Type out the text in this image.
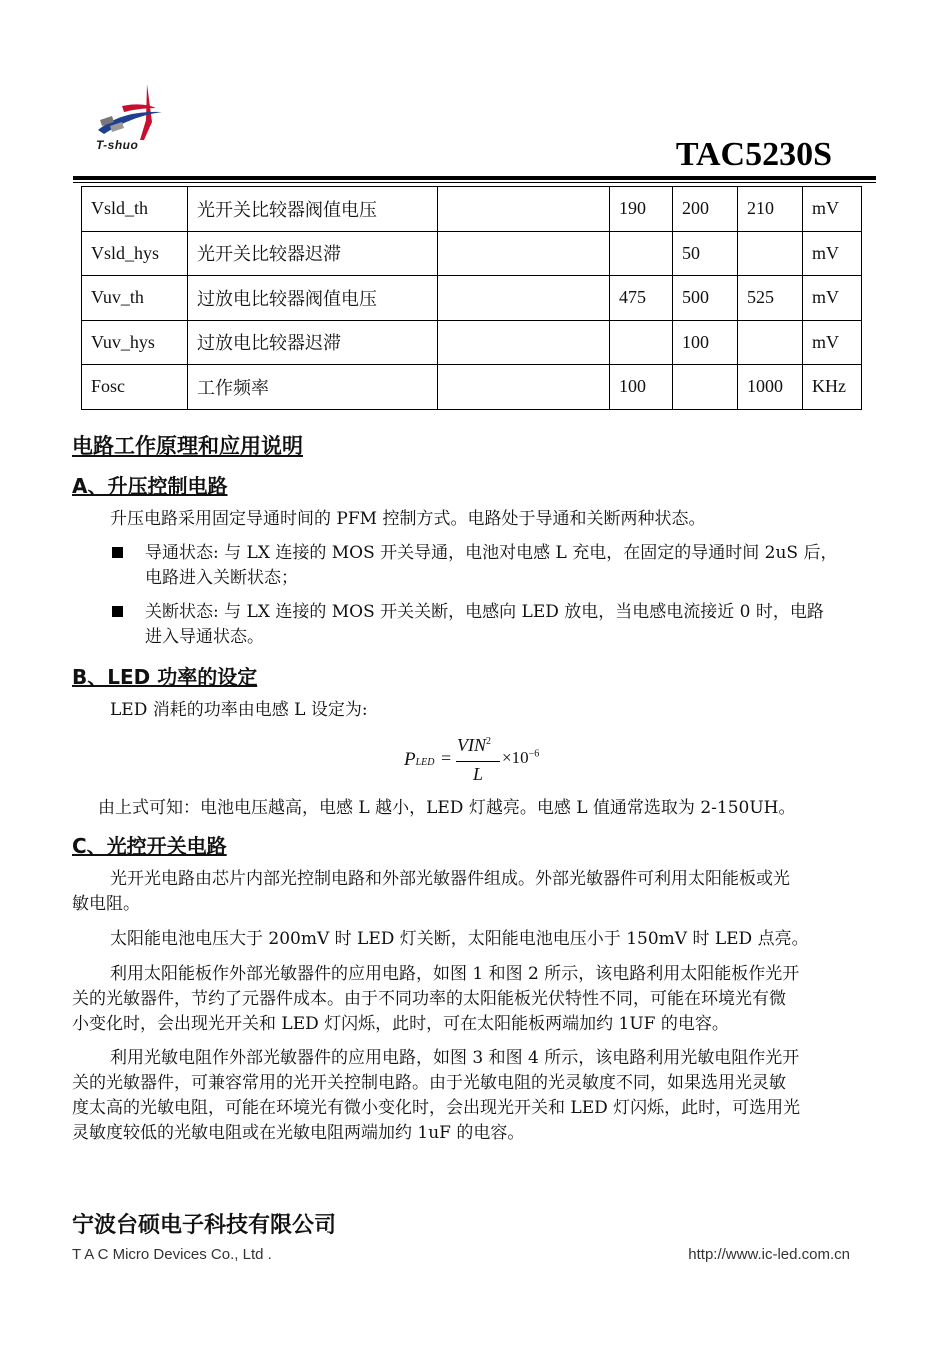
T-shuo	TAC5230S
Vsld_th	光开关比较器阀值电压		190	200	210	mV
Vsld_hys	光开关比较器迟滞			50		mV
Vuv_th	过放电比较器阀值电压		475	500	525	mV
Vuv_hys	过放电比较器迟滞			100		mV
Fosc	工作频率		100		1000	KHz
电路工作原理和应用说明
A、升压控制电路
升压电路采用固定导通时间的 PFM 控制方式。电路处于导通和关断两种状态。
导通状态: 与 LX 连接的 MOS 开关导通，电池对电感 L 充电，在固定的导通时间 2uS 后，
电路进入关断状态；
关断状态: 与 LX 连接的 MOS 开关关断，电感向 LED 放电，当电感电流接近 0 时，电路
进入导通状态。
B、LED 功率的设定
LED 消耗的功率由电感 L 设定为:
PLED =
$VIN^2$
L
$\times 10^{-6}$
由上式可知：电池电压越高，电感 L 越小，LED 灯越亮。电感 L 值通常选取为 2-150UH。
C、光控开关电路
光开光电路由芯片内部光控制电路和外部光敏器件组成。外部光敏器件可利用太阳能板或光
敏电阻。
太阳能电池电压大于 200mV 时 LED 灯关断，太阳能电池电压小于 150mV 时 LED 点亮。
利用太阳能板作外部光敏器件的应用电路，如图 1 和图 2 所示，该电路利用太阳能板作光开
关的光敏器件，节约了元器件成本。由于不同功率的太阳能板光伏特性不同，可能在环境光有微
小变化时，会出现光开关和 LED 灯闪烁，此时，可在太阳能板两端加约 1UF 的电容。
利用光敏电阻作外部光敏器件的应用电路，如图 3 和图 4 所示，该电路利用光敏电阻作光开
关的光敏器件，可兼容常用的光开关控制电路。由于光敏电阻的光灵敏度不同，如果选用光灵敏
度太高的光敏电阻，可能在环境光有微小变化时，会出现光开关和 LED 灯闪烁，此时，可选用光
灵敏度较低的光敏电阻或在光敏电阻两端加约 1uF 的电容。
宁波台硕电子科技有限公司
T A C Micro Devices Co., Ltd .	http://www.ic-led.com.cn
